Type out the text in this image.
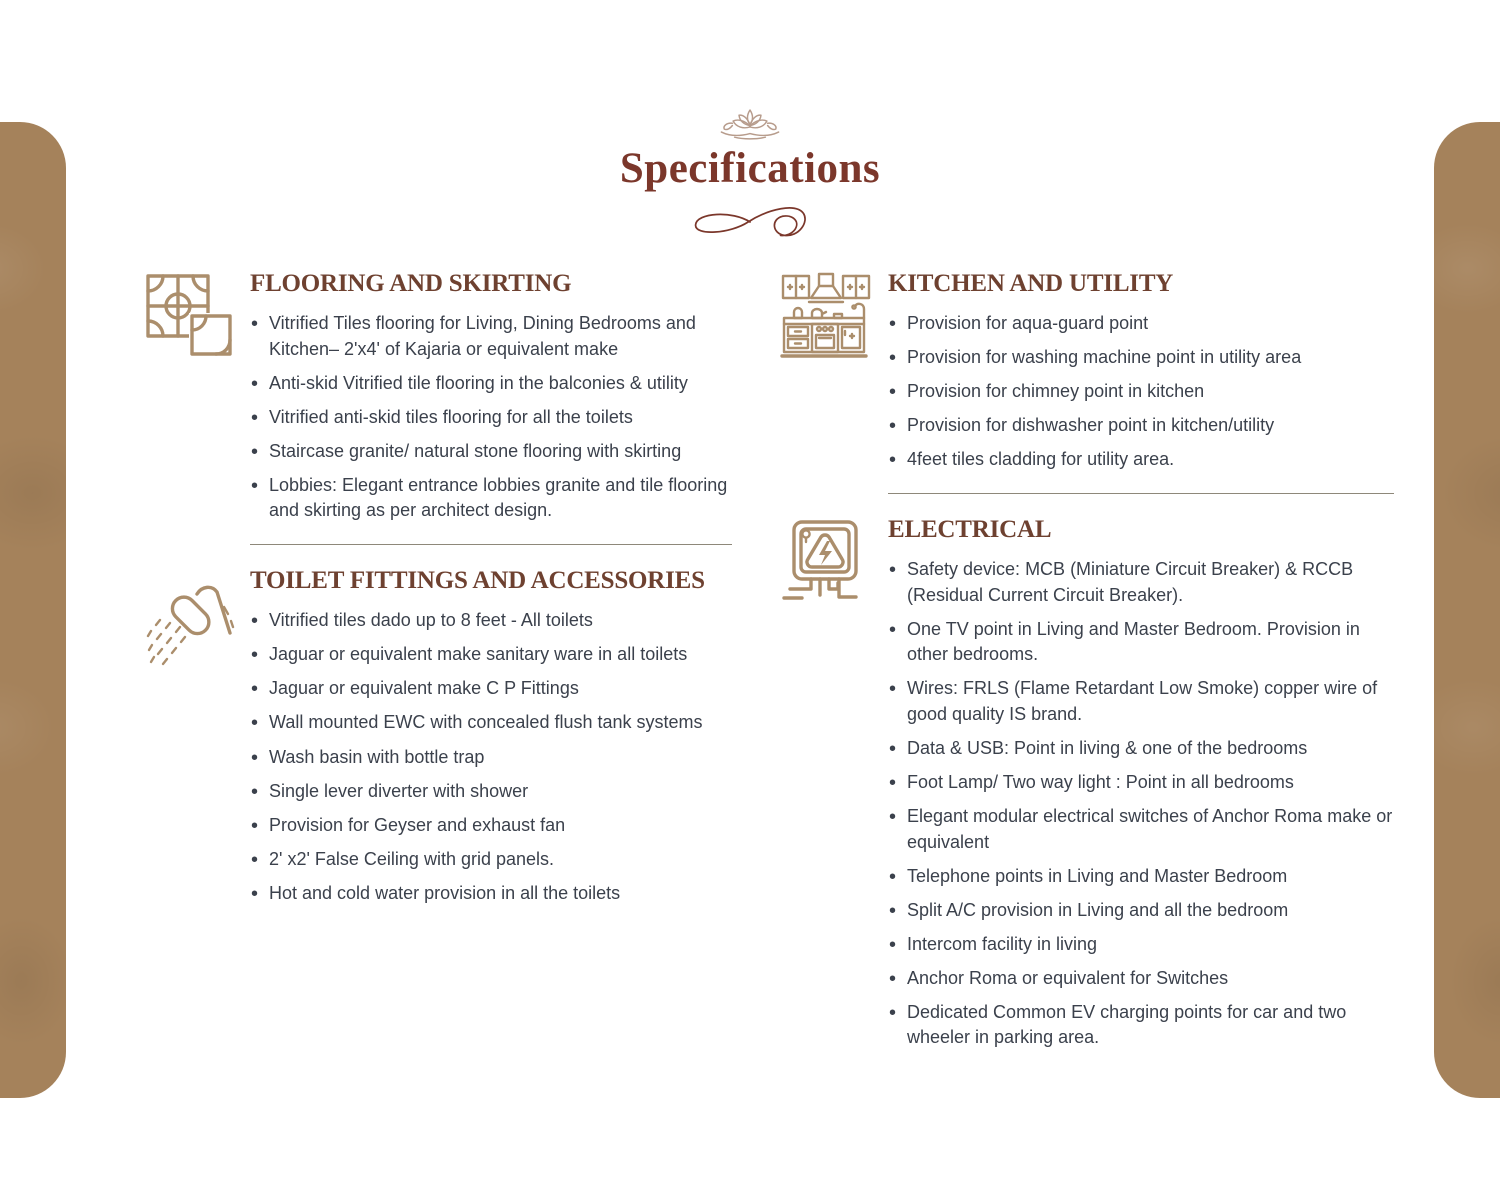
Specifications
FLOORING AND SKIRTING
• Vitrified Tiles flooring for Living, Dining Bedrooms and Kitchen– 2'x4' of Kajaria or equivalent make
• Anti-skid Vitrified tile flooring in the balconies & utility
• Vitrified anti-skid tiles flooring for all the toilets
• Staircase granite/ natural stone flooring with skirting
• Lobbies: Elegant entrance lobbies granite and tile flooring and skirting as per architect design.
TOILET FITTINGS AND ACCESSORIES
• Vitrified tiles dado up to 8 feet - All toilets
• Jaguar or equivalent make sanitary ware in all toilets
• Jaguar or equivalent make C P Fittings
• Wall mounted EWC with concealed flush tank systems
• Wash basin with bottle trap
• Single lever diverter with shower
• Provision for Geyser and exhaust fan
• 2' x2' False Ceiling with grid panels.
• Hot and cold water provision in all the toilets
KITCHEN AND UTILITY
• Provision for aqua-guard point
• Provision for washing machine point in utility area
• Provision for chimney point in kitchen
• Provision for dishwasher point in kitchen/utility
• 4feet tiles cladding for utility area.
ELECTRICAL
• Safety device: MCB (Miniature Circuit Breaker) & RCCB (Residual Current Circuit Breaker).
• One TV point in Living and Master Bedroom. Provision in other bedrooms.
• Wires: FRLS (Flame Retardant Low Smoke) copper wire of good quality IS brand.
• Data & USB: Point in living & one of the bedrooms
• Foot Lamp/ Two way light : Point in all bedrooms
• Elegant modular electrical switches of Anchor Roma make or equivalent
• Telephone points in Living and Master Bedroom
• Split A/C provision in Living and all the bedroom
• Intercom facility in living
• Anchor Roma or equivalent for Switches
• Dedicated Common EV charging points for car and two wheeler in parking area.
